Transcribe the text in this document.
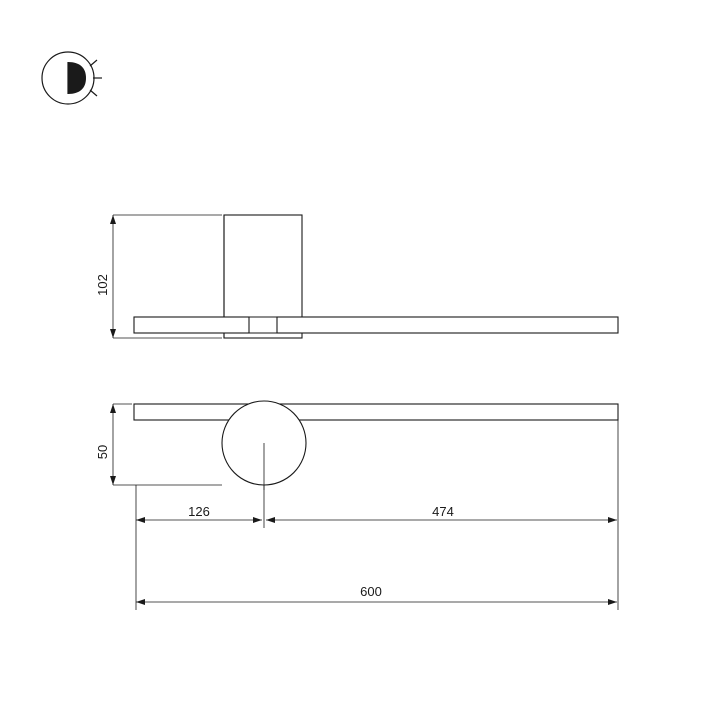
102
50
126	474
600
